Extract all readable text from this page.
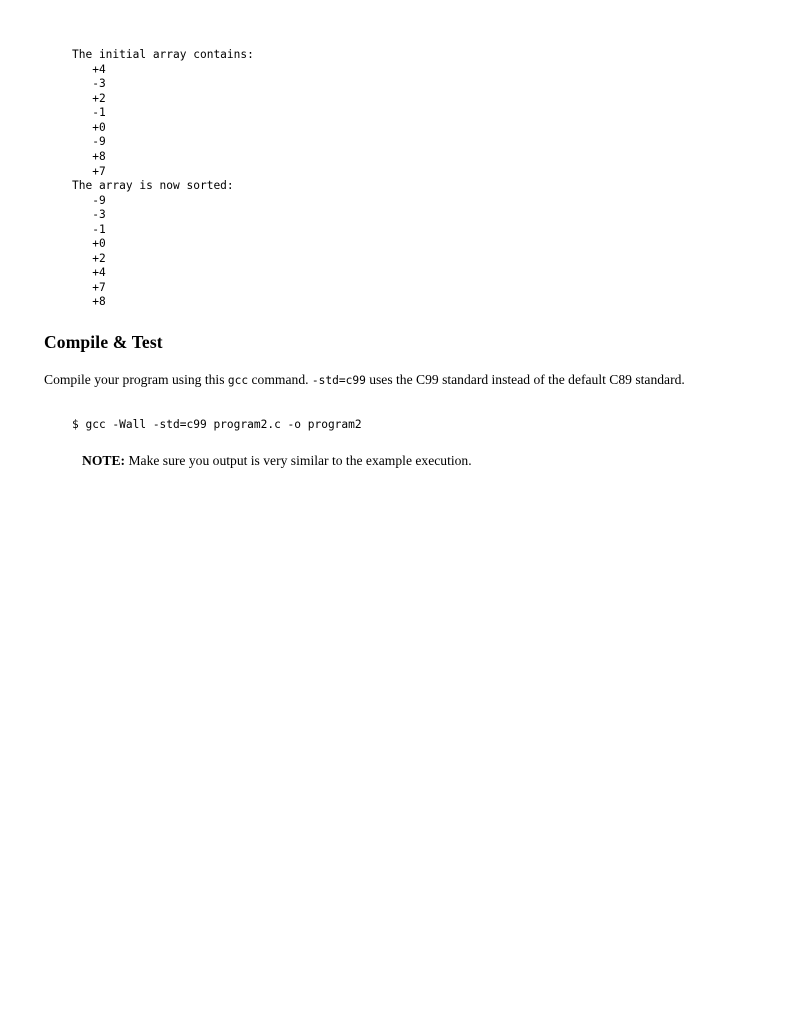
The initial array contains:
+4
-3
+2
-1
+0
-9
+8
+7
The array is now sorted:
-9
-3
-1
+0
+2
+4
+7
+8
Compile & Test

Compile your program using this gcc command. -std=c99 uses the C99 standard instead of the default C89 standard.

$ gcc -Wall -std=c99 program2.c -o program2

NOTE: Make sure you output is very similar to the example execution.
